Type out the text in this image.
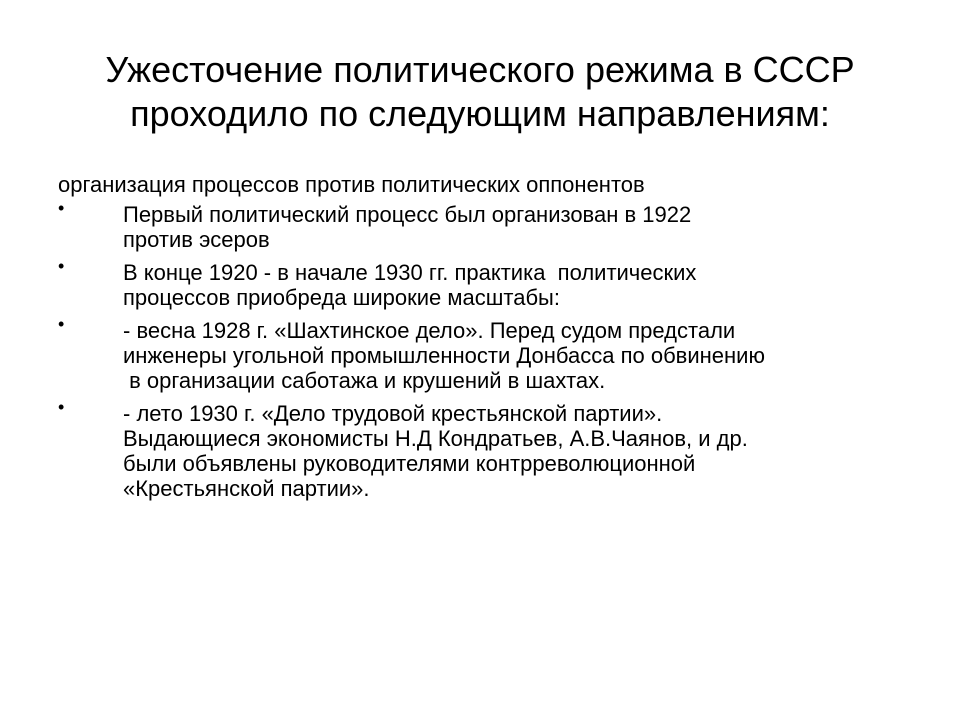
Ужесточение политического режима в СССР
проходило по следующим направлениям:
организация процессов против политических оппонентов
•	Первый политический процесс был организован в 1922
против эсеров
•	В конце 1920 - в начале 1930 гг. практика  политических
процессов приобреда широкие масштабы:
•	- весна 1928 г. «Шахтинское дело». Перед судом предстали
инженеры угольной промышленности Донбасса по обвинению
в организации саботажа и крушений в шахтах.
•	- лето 1930 г. «Дело трудовой крестьянской партии».
Выдающиеся экономисты Н.Д Кондратьев, А.В.Чаянов, и др.
были объявлены руководителями контрреволюционной
«Крестьянской партии».
